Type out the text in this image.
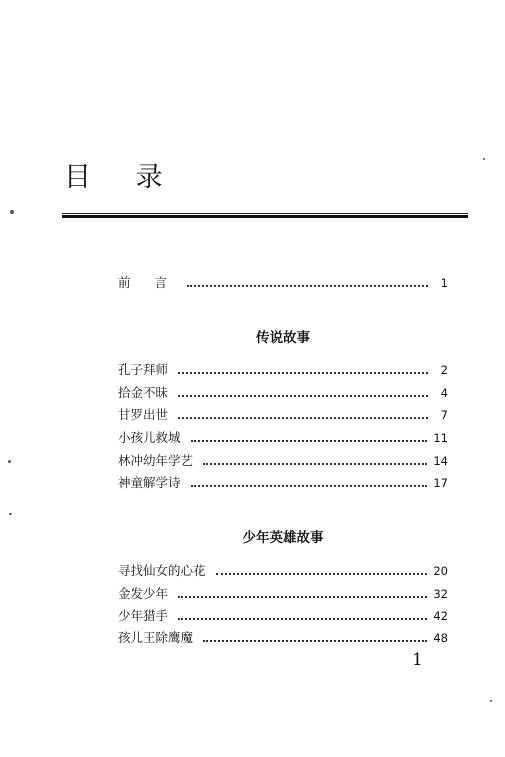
目 录
前 言	1
传说故事
孔子拜师	2
拾金不昧	4
甘罗出世	7
小孩儿救城	11
林冲幼年学艺	14
神童解学诗	17
少年英雄故事
寻找仙女的心花	20
金发少年	32
少年猎手	42
孩儿王除鹰魔	48
1
